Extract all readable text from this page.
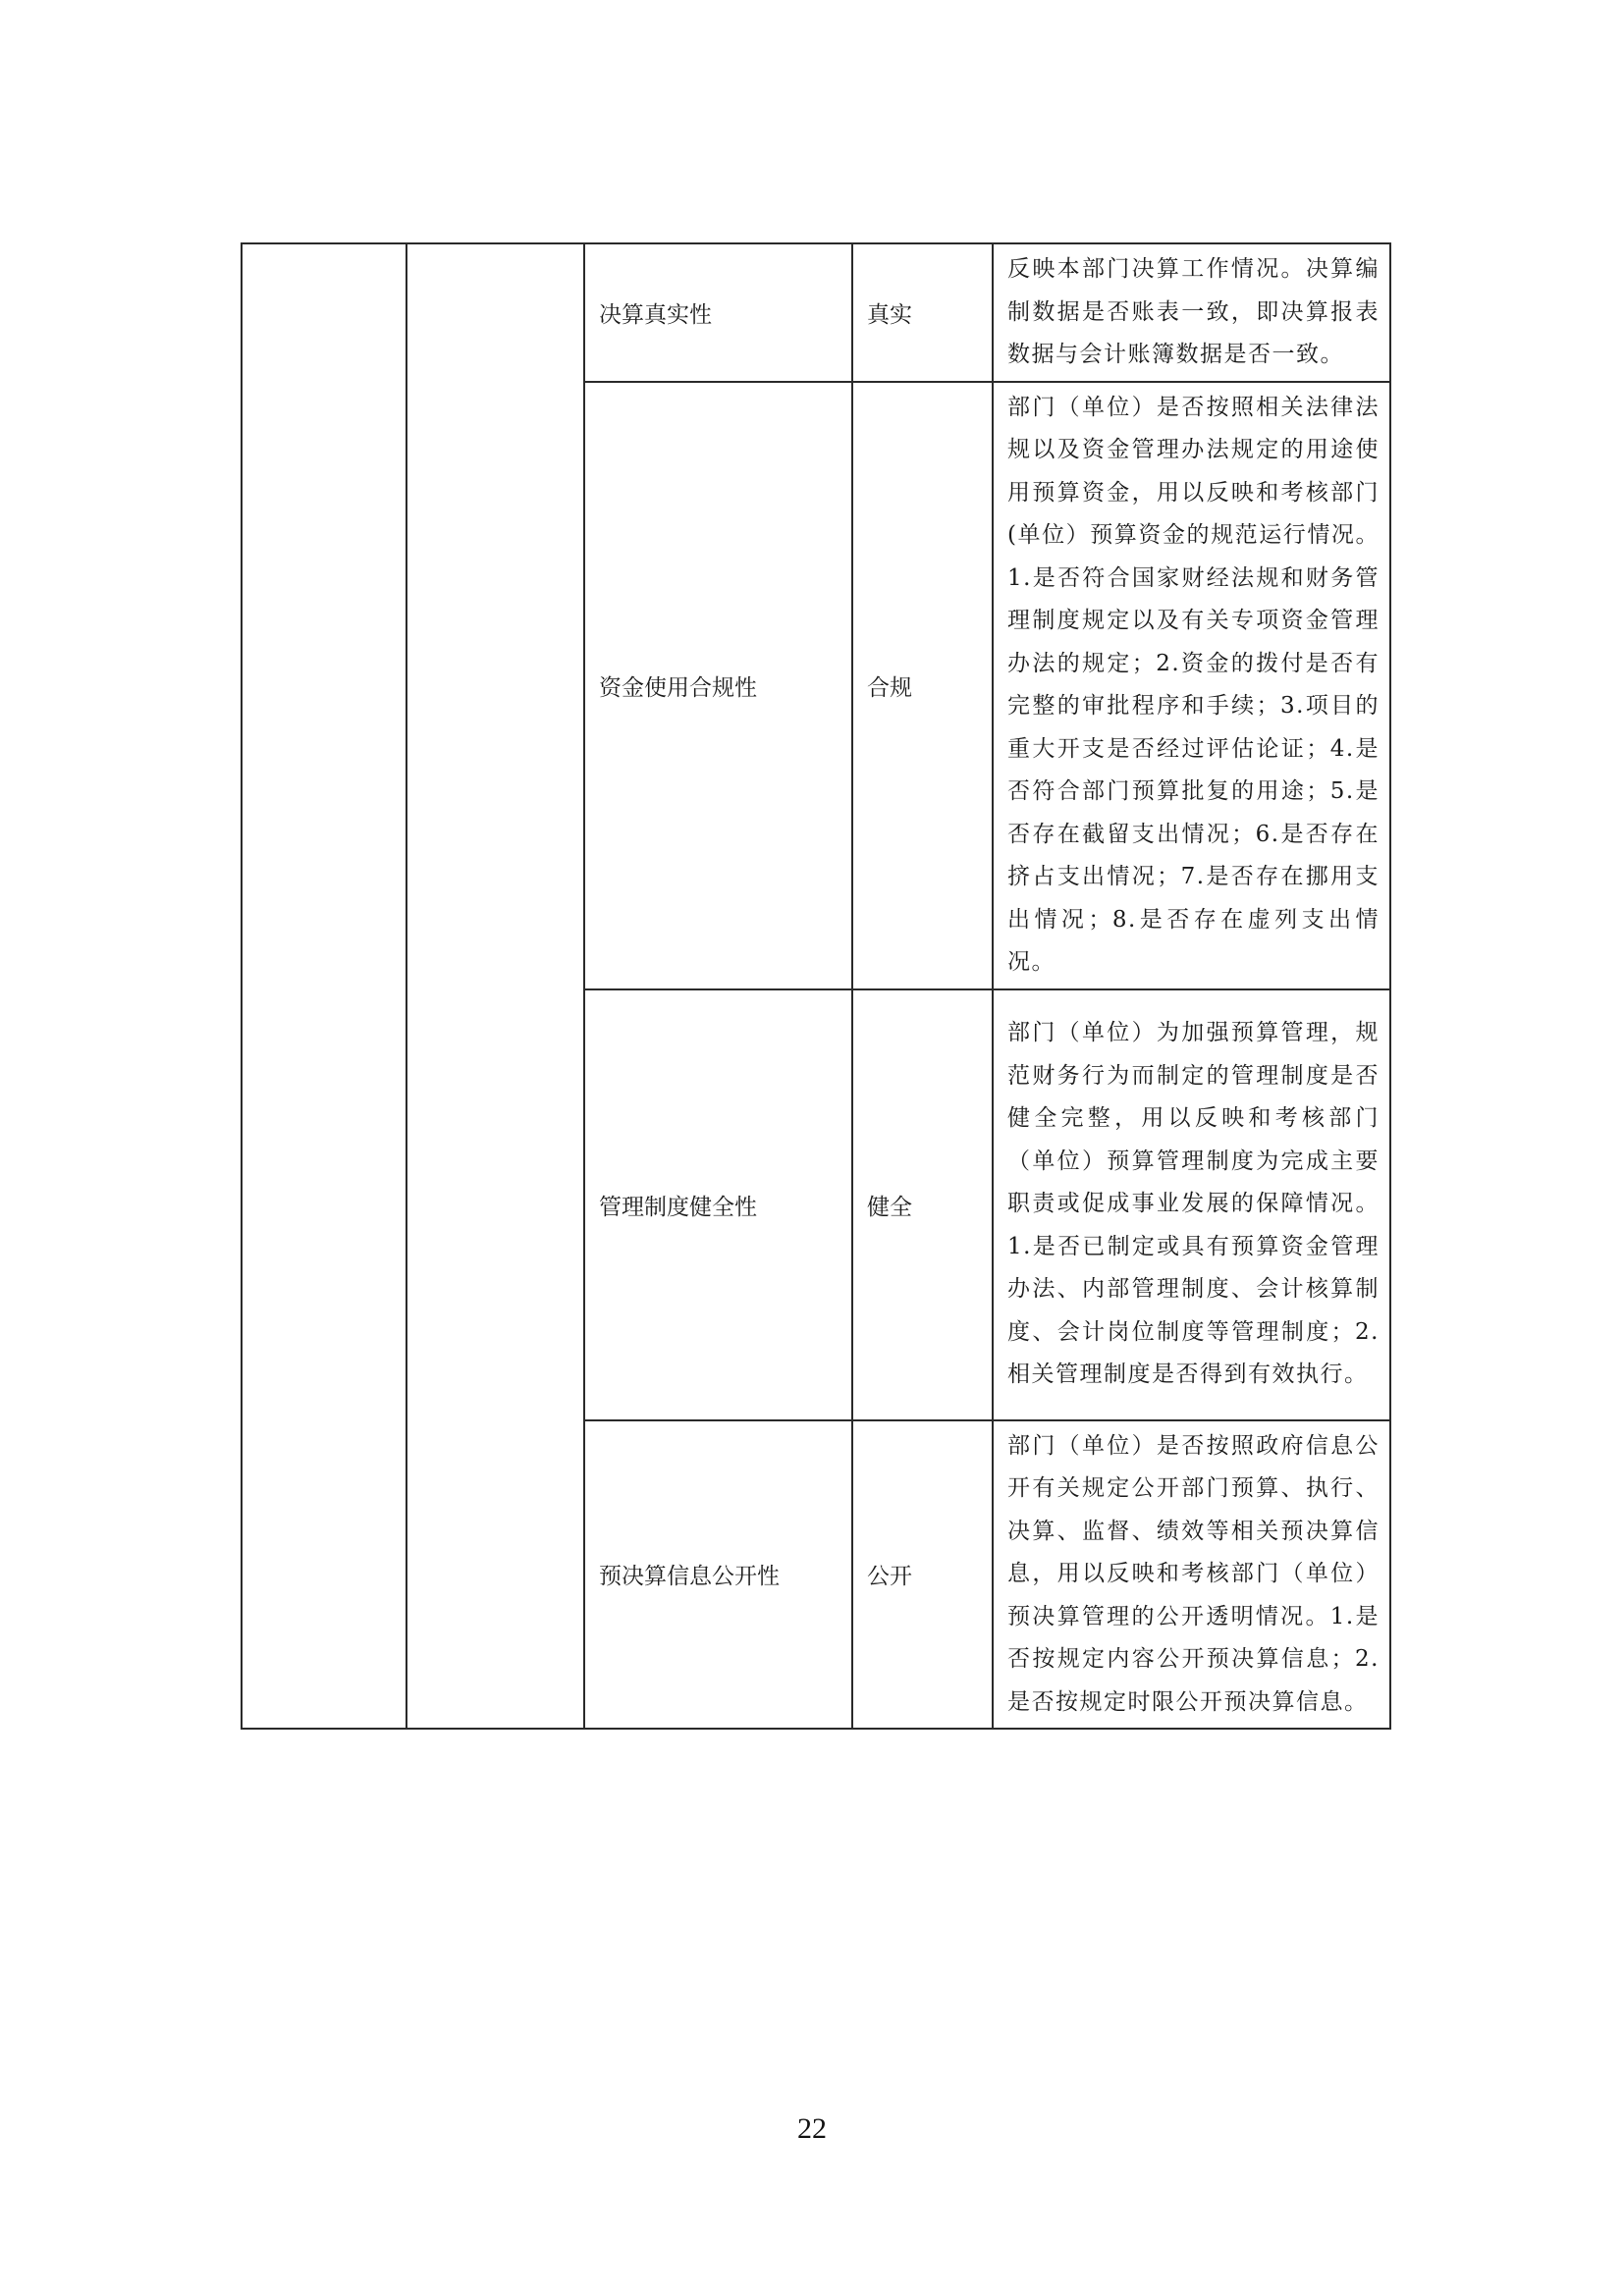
		决算真实性	真实	反映本部门决算工作情况。决算编制数据是否账表一致，即决算报表数据与会计账簿数据是否一致。
		资金使用合规性	合规	部门（单位）是否按照相关法律法规以及资金管理办法规定的用途使用预算资金，用以反映和考核部门(单位）预算资金的规范运行情况。1.是否符合国家财经法规和财务管理制度规定以及有关专项资金管理办法的规定；2.资金的拨付是否有完整的审批程序和手续；3.项目的重大开支是否经过评估论证；4.是否符合部门预算批复的用途；5.是否存在截留支出情况；6.是否存在挤占支出情况；7.是否存在挪用支出情况；8.是否存在虚列支出情况。
		管理制度健全性	健全	部门（单位）为加强预算管理，规范财务行为而制定的管理制度是否健全完整，用以反映和考核部门（单位）预算管理制度为完成主要职责或促成事业发展的保障情况。1.是否已制定或具有预算资金管理办法、内部管理制度、会计核算制度、会计岗位制度等管理制度；2.相关管理制度是否得到有效执行。
		预决算信息公开性	公开	部门（单位）是否按照政府信息公开有关规定公开部门预算、执行、决算、监督、绩效等相关预决算信息，用以反映和考核部门（单位）预决算管理的公开透明情况。1.是否按规定内容公开预决算信息；2.是否按规定时限公开预决算信息。
22
